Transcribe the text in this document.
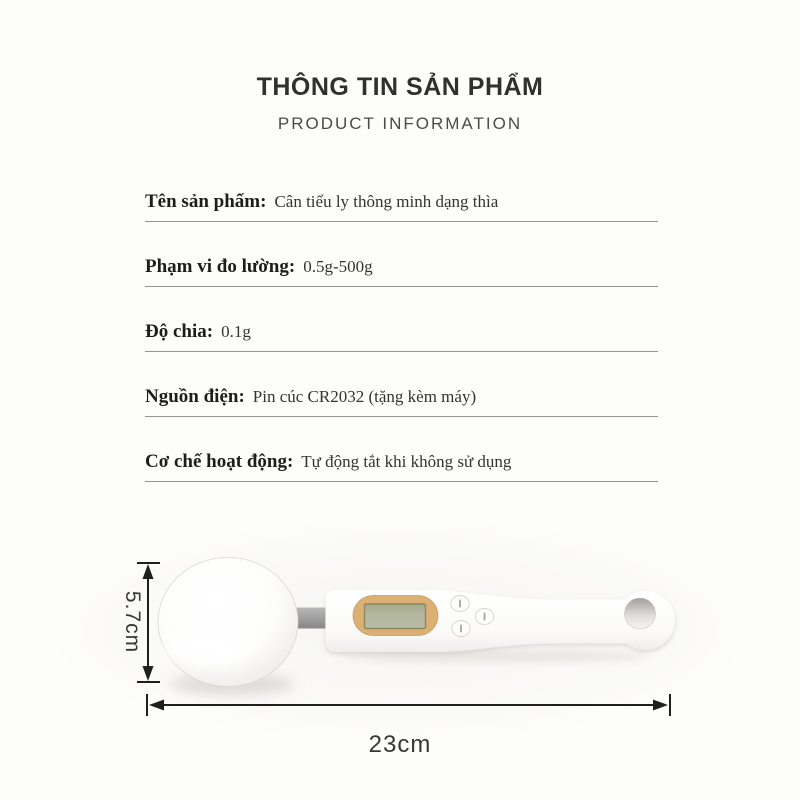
THÔNG TIN SẢN PHẨM
PRODUCT INFORMATION
Tên sản phẩm : Cân tiểu ly thông minh dạng thìa
Phạm vi đo lường : 0.5g-500g
Độ chia : 0.1g
Nguồn điện : Pin cúc CR2032 (tặng kèm máy)
Cơ chế hoạt động : Tự động tắt khi không sử dụng
5.7cm
23cm
